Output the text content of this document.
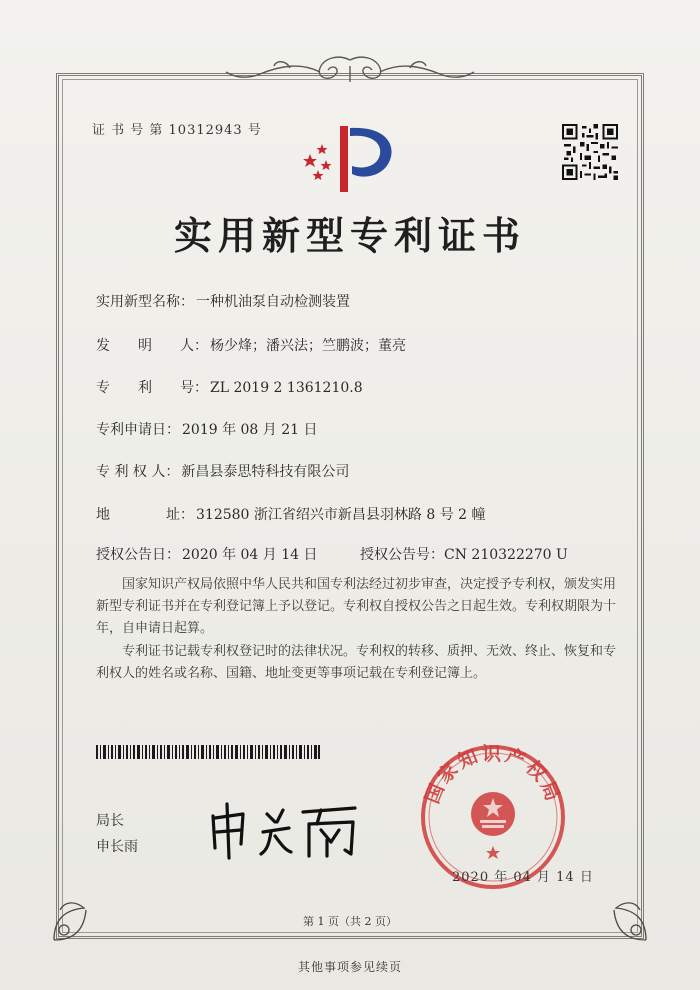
证 书 号 第 10312943 号
实用新型专利证书
实用新型名称： 一种机油泵自动检测装置
发　　明　　人： 杨少烽；潘兴法；竺鹏波；董亮
专　　利　　号： ZL 2019 2 1361210.8
专利申请日： 2019 年 08 月 21 日
专 利 权 人： 新昌县泰思特科技有限公司
地　　　　址： 312580 浙江省绍兴市新昌县羽林路 8 号 2 幢
授权公告日： 2020 年 04 月 14 日	授权公告号：CN 210322270 U
国家知识产权局依照中华人民共和国专利法经过初步审查，决定授予专利权，颁发实用新型专利证书并在专利登记簿上予以登记。专利权自授权公告之日起生效。专利权期限为十年，自申请日起算。
专利证书记载专利权登记时的法律状况。专利权的转移、质押、无效、终止、恢复和专利权人的姓名或名称、国籍、地址变更等事项记载在专利登记簿上。
局长
申长雨
国家知识产权局
2020 年 04 月 14 日
第 1 页（共 2 页）
其他事项参见续页
